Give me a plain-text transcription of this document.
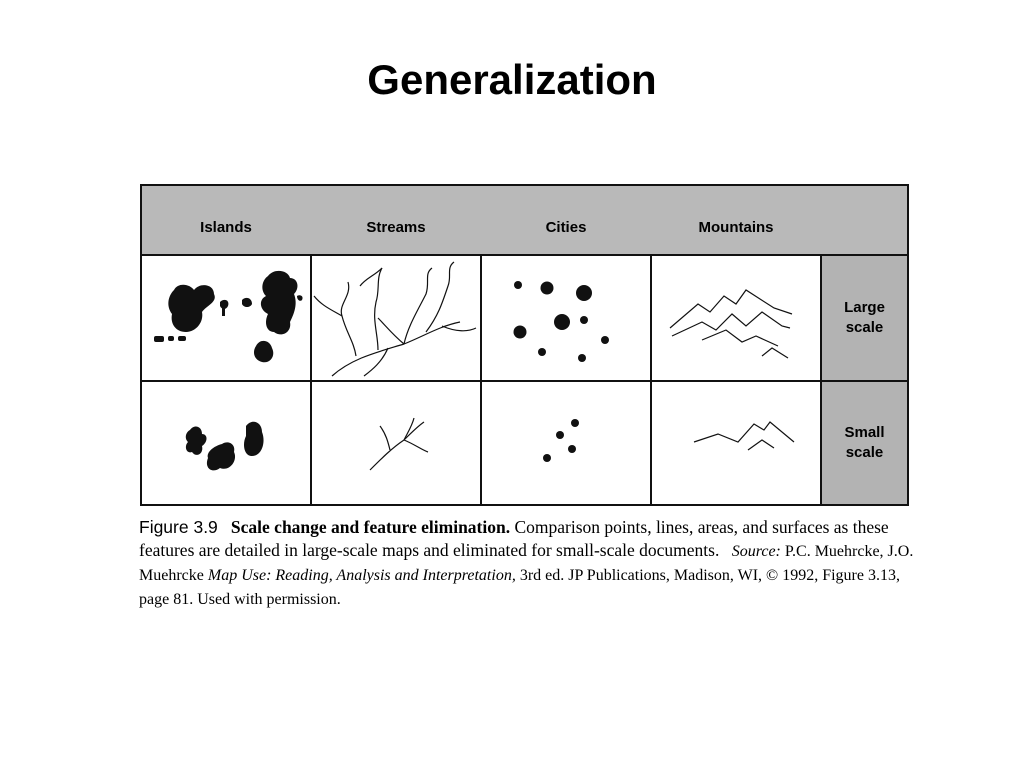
Generalization
Islands	Streams	Cities	Mountains
Large
scale
Small
scale
Figure 3.9 Scale change and feature elimination. Comparison points, lines, areas, and surfaces as these features are detailed in large-scale maps and eliminated for small-scale documents. Source: P.C. Muehrcke, J.O. Muehrcke Map Use: Reading, Analysis and Interpretation, 3rd ed. JP Publications, Madison, WI, © 1992, Figure 3.13, page 81. Used with permission.
